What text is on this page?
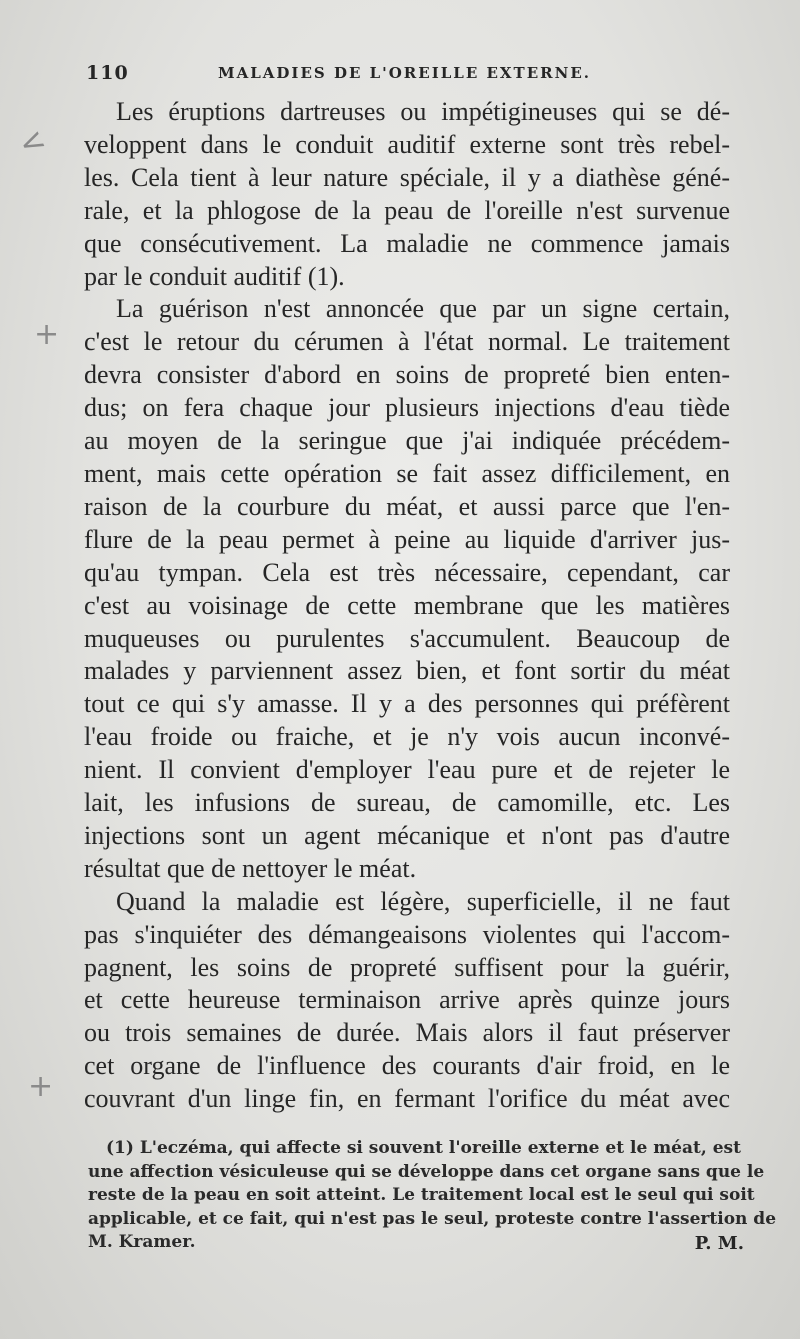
<
+
+
110	MALADIES DE L'OREILLE EXTERNE.
Les éruptions dartreuses ou impétigineuses qui se dé-
veloppent dans le conduit auditif externe sont très rebel-
les. Cela tient à leur nature spéciale, il y a diathèse géné-
rale, et la phlogose de la peau de l'oreille n'est survenue
que consécutivement. La maladie ne commence jamais
par le conduit auditif (1).
La guérison n'est annoncée que par un signe certain,
c'est le retour du cérumen à l'état normal. Le traitement
devra consister d'abord en soins de propreté bien enten-
dus; on fera chaque jour plusieurs injections d'eau tiède
au moyen de la seringue que j'ai indiquée précédem-
ment, mais cette opération se fait assez difficilement, en
raison de la courbure du méat, et aussi parce que l'en-
flure de la peau permet à peine au liquide d'arriver jus-
qu'au tympan. Cela est très nécessaire, cependant, car
c'est au voisinage de cette membrane que les matières
muqueuses ou purulentes s'accumulent. Beaucoup de
malades y parviennent assez bien, et font sortir du méat
tout ce qui s'y amasse. Il y a des personnes qui préfèrent
l'eau froide ou fraiche, et je n'y vois aucun inconvé-
nient. Il convient d'employer l'eau pure et de rejeter le
lait, les infusions de sureau, de camomille, etc. Les
injections sont un agent mécanique et n'ont pas d'autre
résultat que de nettoyer le méat.
Quand la maladie est légère, superficielle, il ne faut
pas s'inquiéter des démangeaisons violentes qui l'accom-
pagnent, les soins de propreté suffisent pour la guérir,
et cette heureuse terminaison arrive après quinze jours
ou trois semaines de durée. Mais alors il faut préserver
cet organe de l'influence des courants d'air froid, en le
couvrant d'un linge fin, en fermant l'orifice du méat avec
(1) L'eczéma, qui affecte si souvent l'oreille externe et le méat, est
une affection vésiculeuse qui se développe dans cet organe sans que le
reste de la peau en soit atteint. Le traitement local est le seul qui soit
applicable, et ce fait, qui n'est pas le seul, proteste contre l'assertion de
M. Kramer.	P. M.
